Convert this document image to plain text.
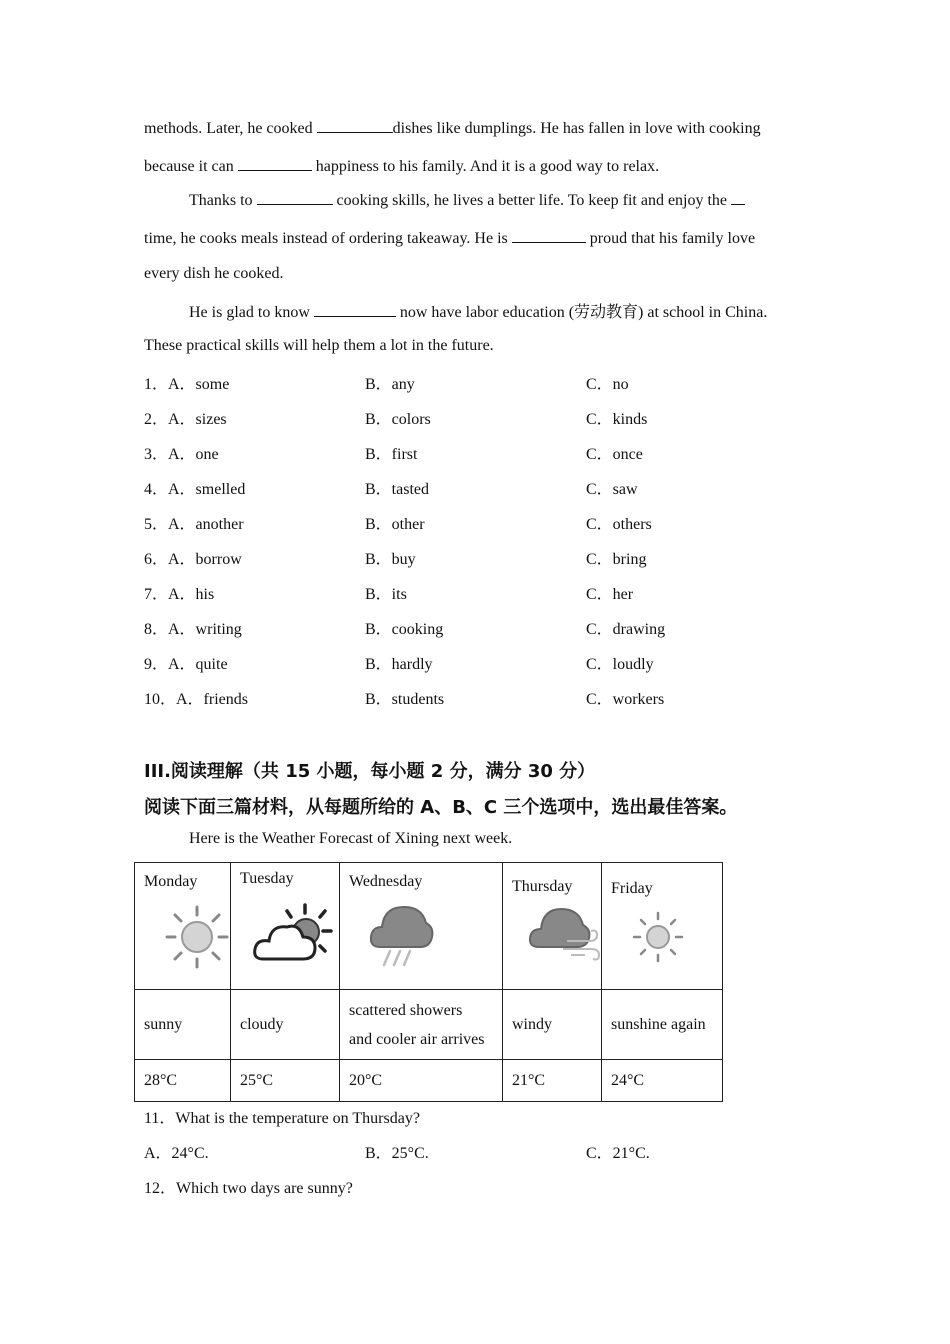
methods. Later, he cooked	dishes like dumplings. He has fallen in love with cooking
because it can	happiness to his family. And it is a good way to relax.
Thanks to	cooking skills, he lives a better life. To keep fit and enjoy the
time, he cooks meals instead of ordering takeaway. He is	proud that his family love
every dish he cooked.
He is glad to know	now have labor education (劳动教育) at school in China.
These practical skills will help them a lot in the future.
1．A．some	B．any	C．no
2．A．sizes	B．colors	C．kinds
3．A．one	B．first	C．once
4．A．smelled	B．tasted	C．saw
5．A．another	B．other	C．others
6．A．borrow	B．buy	C．bring
7．A．his	B．its	C．her
8．A．writing	B．cooking	C．drawing
9．A．quite	B．hardly	C．loudly
10．A．friends	B．students	C．workers
III.阅读理解（共 15 小题，每小题 2 分，满分 30 分）
阅读下面三篇材料，从每题所给的 A、B、C 三个选项中，选出最佳答案。
Here is the Weather Forecast of Xining next week.
Monday	Tuesday	Wednesday	Thursday	Friday

sunny	cloudy	scattered showers
and cooler air arrives	windy	sunshine again
28°C	25°C	20°C	21°C	24°C
11．What is the temperature on Thursday?
A．24°C.	B．25°C.	C．21°C.
12．Which two days are sunny?
